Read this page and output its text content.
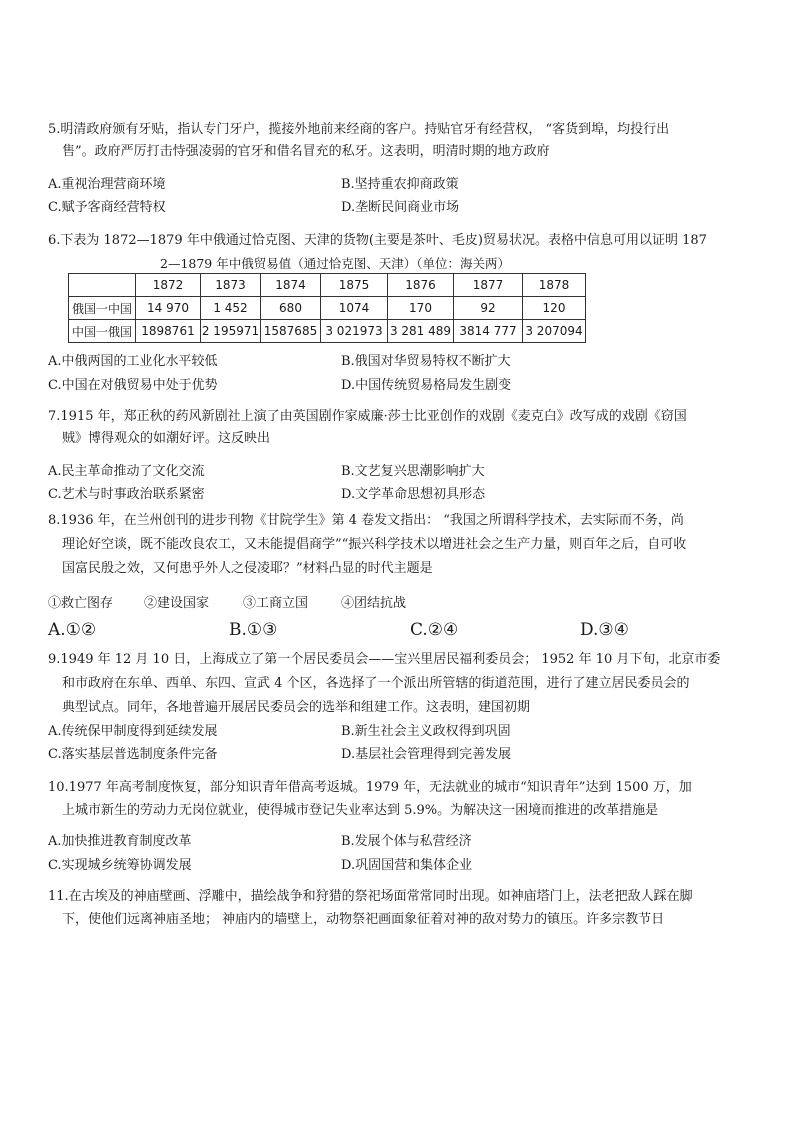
5.明清政府颁有牙贴，指认专门牙户，揽接外地前来经商的客户。持贴官牙有经营权， “客货到埠，均投行出
售”。政府严厉打击恃强凌弱的官牙和借名冒充的私牙。这表明，明清时期的地方政府
A.重视治理营商环境	B.坚持重农抑商政策
C.赋予客商经营特权	D.垄断民间商业市场
6.下表为 1872—1879 年中俄通过恰克图、天津的货物(主要是茶叶、毛皮)贸易状况。表格中信息可用以证明 187
2—1879 年中俄贸易值（通过恰克图、天津）（单位：海关两）
	1872	1873	1874	1875	1876	1877	1878
俄国一中国	14 970	1 452	680	1074	170	92	120
中国一俄国	1898761	2 195971	1587685	3 021973	3 281 489	3814 777	3 207094
A.中俄两国的工业化水平较低	B.俄国对华贸易特权不断扩大
C.中国在对俄贸易中处于优势	D.中国传统贸易格局发生剧变
7.1915 年，郑正秋的药风新剧社上演了由英国剧作家威廉·莎士比亚创作的戏剧《麦克白》改写成的戏剧《窃国
贼》博得观众的如潮好评。这反映出
A.民主革命推动了文化交流	B.文艺复兴思潮影响扩大
C.艺术与时事政治联系紧密	D.文学革命思想初具形态
8.1936 年，在兰州创刊的进步刊物《甘院学生》第 4 卷发文指出： “我国之所谓科学技术，去实际而不务，尚
理论好空谈，既不能改良农工，又未能提倡商学”“振兴科学技术以增进社会之生产力量，则百年之后，自可收
国富民殷之效，又何患乎外人之侵凌耶？”材料凸显的时代主题是
①救亡图存 ②建设国家	③工商立国	④团结抗战
A.①②	B.①③	C.②④	D.③④
9.1949 年 12 月 10 日，上海成立了第一个居民委员会——宝兴里居民福利委员会； 1952 年 10 月下旬，北京市委
和市政府在东单、西单、东四、宣武 4 个区，各选择了一个派出所管辖的街道范围，进行了建立居民委员会的
典型试点。同年，各地普遍开展居民委员会的选举和组建工作。这表明，建国初期
A.传统保甲制度得到延续发展	B.新生社会主义政权得到巩固
C.落实基层普选制度条件完备	D.基层社会管理得到完善发展
10.1977 年高考制度恢复，部分知识青年借高考返城。1979 年，无法就业的城市“知识青年”达到 1500 万，加
上城市新生的劳动力无岗位就业，使得城市登记失业率达到 5.9%。为解决这一困境而推进的改革措施是
A.加快推进教育制度改革	B.发展个体与私营经济
C.实现城乡统筹协调发展	D.巩固国营和集体企业
11.在古埃及的神庙壁画、浮雕中，描绘战争和狩猎的祭祀场面常常同时出现。如神庙塔门上，法老把敌人踩在脚
下，使他们远离神庙圣地； 神庙内的墙壁上，动物祭祀画面象征着对神的敌对势力的镇压。许多宗教节日
